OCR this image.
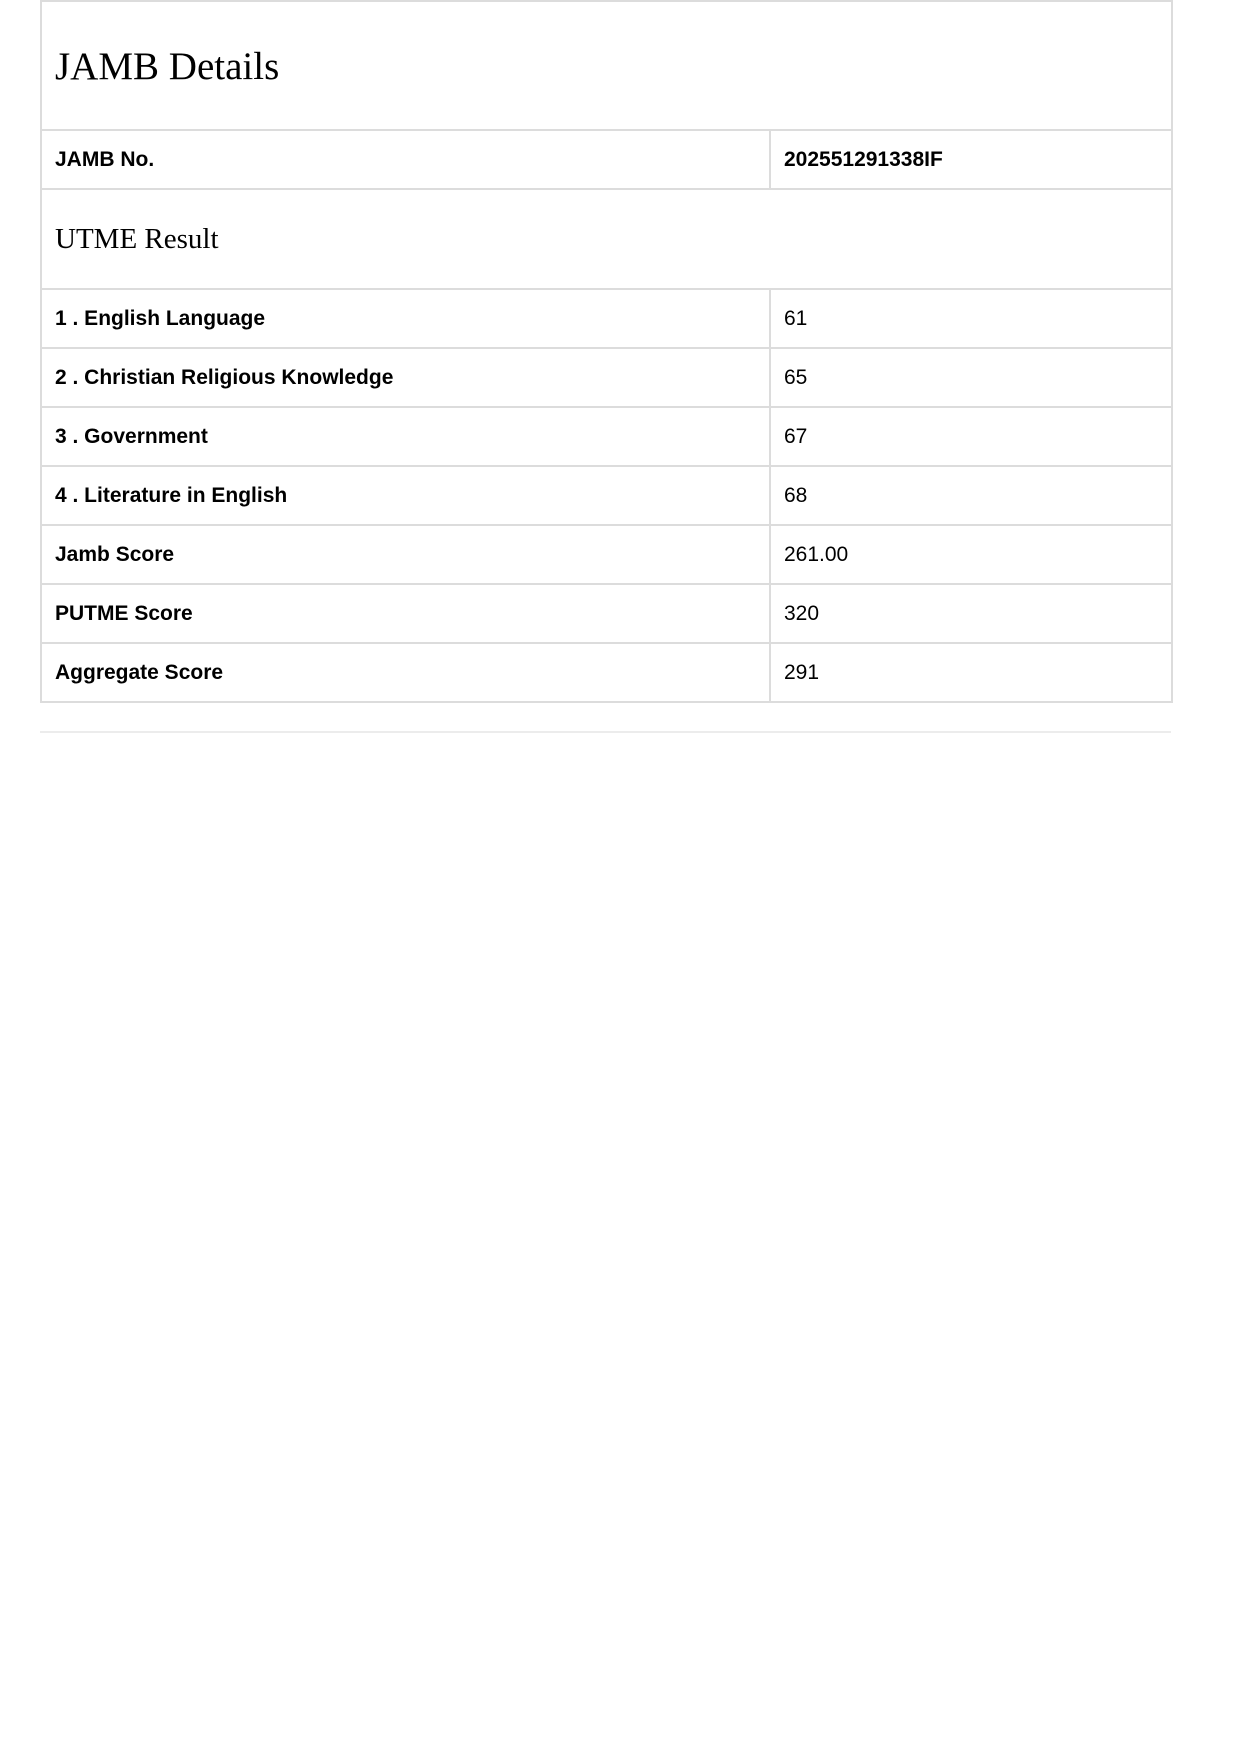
JAMB Details	
JAMB No.	202551291338IF
UTME Result	
1 . English Language	61
2 . Christian Religious Knowledge	65
3 . Government	67
4 . Literature in English	68
Jamb Score	261.00
PUTME Score	320
Aggregate Score	291
